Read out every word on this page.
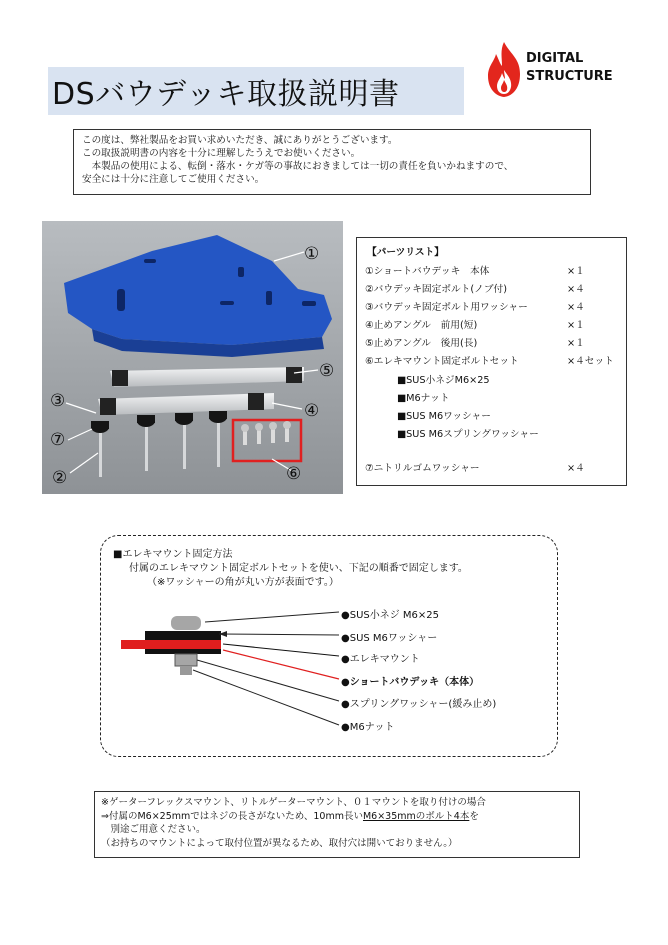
DSバウデッキ取扱説明書
DIGITAL
STRUCTURE
この度は、弊社製品をお買い求めいただき、誠にありがとうございます。
この取扱説明書の内容を十分に理解したうえでお使いください。
　本製品の使用による、転倒・落水・ケガ等の事故におきましては一切の責任を負いかねますので、
安全には十分に注意してご使用ください。
①
⑤
③	④
⑦
⑥
②
【パーツリスト】
①ショートバウデッキ　本体	×１
②バウデッキ固定ボルト(ノブ付)	×４
③バウデッキ固定ボルト用ワッシャー	×４
④止めアングル　前用(短)	×１
⑤止めアングル　後用(長)	×１
⑥エレキマウント固定ボルトセット	×４セット
■SUS小ネジM6×25
■M6ナット
■SUS M6ワッシャー
■SUS M6スプリングワッシャー
⑦ニトリルゴムワッシャー	×４
■エレキマウント固定方法
付属のエレキマウント固定ボルトセットを使い、下記の順番で固定します。
（※ワッシャーの角が丸い方が表面です。）
●SUS小ネジ M6×25
●SUS M6ワッシャー
●エレキマウント
●ショートバウデッキ（本体）
●スプリングワッシャー(緩み止め)
●M6ナット
※ゲーターフレックスマウント、リトルゲーターマウント、０１マウントを取り付けの場合
⇒付属のM6×25mmではネジの長さがないため、10mm長いM6×35mmのボルト4本を
　別途ご用意ください。
（お持ちのマウントによって取付位置が異なるため、取付穴は開いておりません。）
